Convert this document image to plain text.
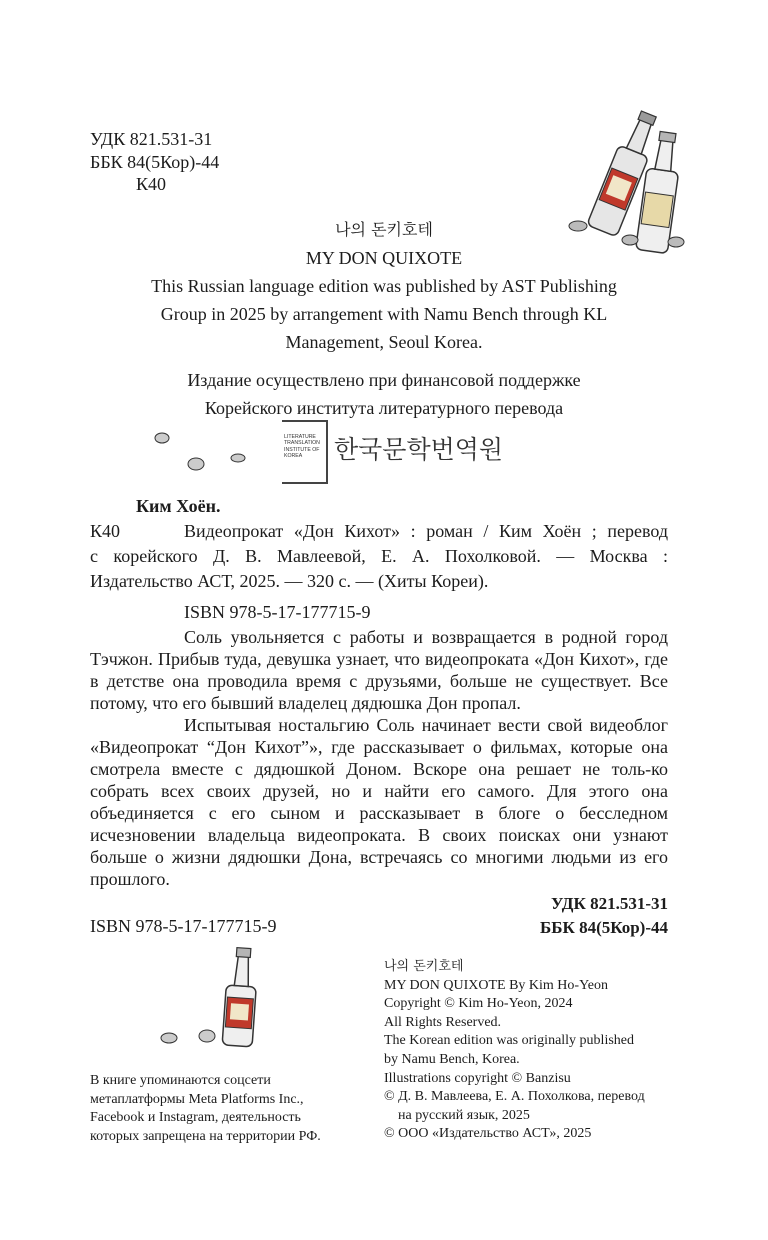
УДК 821.531-31
ББК 84(5Кор)-44
К40
나의 돈키호테
MY DON QUIXOTE
This Russian language edition was published by AST Publishing
Group in 2025 by arrangement with Namu Bench through KL
Management, Seoul Korea.
Издание осуществлено при финансовой поддержке
Корейского института литературного перевода
LITERATURE
TRANSLATION
INSTITUTE OF
KOREA	한국문학번역원
Ким Хоён.
К40	Видеопрокат «Дон Кихот» : роман / Ким Хоён ; перевод
с корейского Д. В. Мавлеевой, Е. А. Похолковой. — Москва :
Издательство АСТ, 2025. — 320 с. — (Хиты Кореи).
ISBN 978-5-17-177715-9

Соль увольняется с работы и возвращается в родной город Тэчжон. Прибыв туда, девушка узнает, что видеопроката «Дон Кихот», где в детстве она проводила время с друзьями, больше не существует. Все потому, что его бывший владелец дядюшка Дон пропал.

Испытывая ностальгию Соль начинает вести свой видеоблог «Видеопрокат “Дон Кихот”», где рассказывает о фильмах, которые она смотрела вместе с дядюшкой Доном. Вскоре она решает не толь-ко собрать всех своих друзей, но и найти его самого. Для этого она объединяется с его сыном и рассказывает в блоге о бесследном исчезновении владельца видеопроката. В своих поисках они узнают больше о жизни дядюшки Дона, встречаясь со многими людьми из его прошлого.

УДК 821.531-31
ББК 84(5Кор)-44
ISBN 978-5-17-177715-9
В книге упоминаются соцсети
метаплатформы Meta Platforms Inc.,
Facebook и Instagram, деятельность
которых запрещена на территории РФ.
나의 돈키호테
MY DON QUIXOTE By Kim Ho-Yeon
Copyright © Kim Ho-Yeon, 2024
All Rights Reserved.
The Korean edition was originally published
by Namu Bench, Korea.
Illustrations copyright © Banzisu
© Д. В. Мавлеева, Е. А. Похолкова, перевод
на русский язык, 2025
© ООО «Издательство АСТ», 2025
